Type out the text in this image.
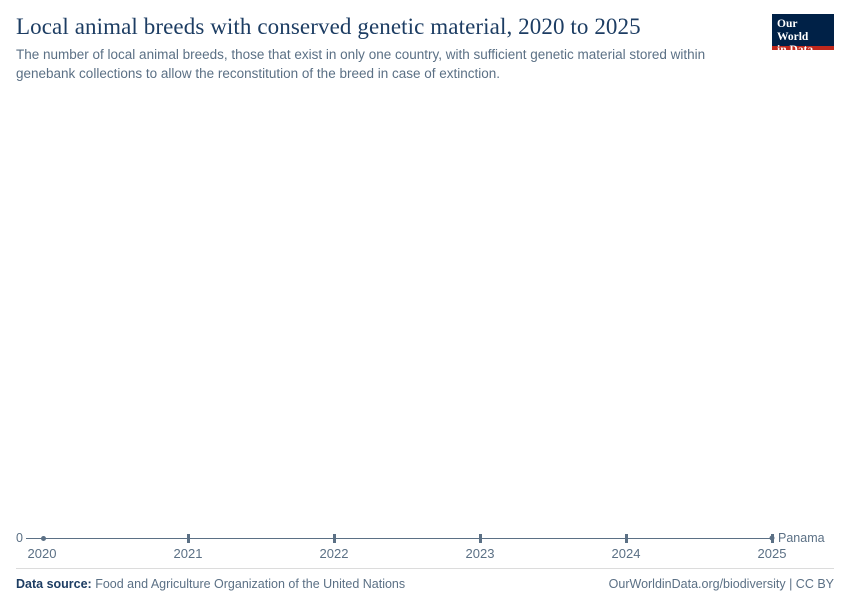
Local animal breeds with conserved genetic material, 2020 to 2025

The number of local animal breeds, those that exist in only one country, with sufficient genetic material stored within genebank collections to allow the reconstitution of the breed in case of extinction.

Our World
in Data
0
2020	2021	2022	2023	2024	2025
Panama
Data source: Food and Agriculture Organization of the United Nations	OurWorldinData.org/biodiversity | CC BY
